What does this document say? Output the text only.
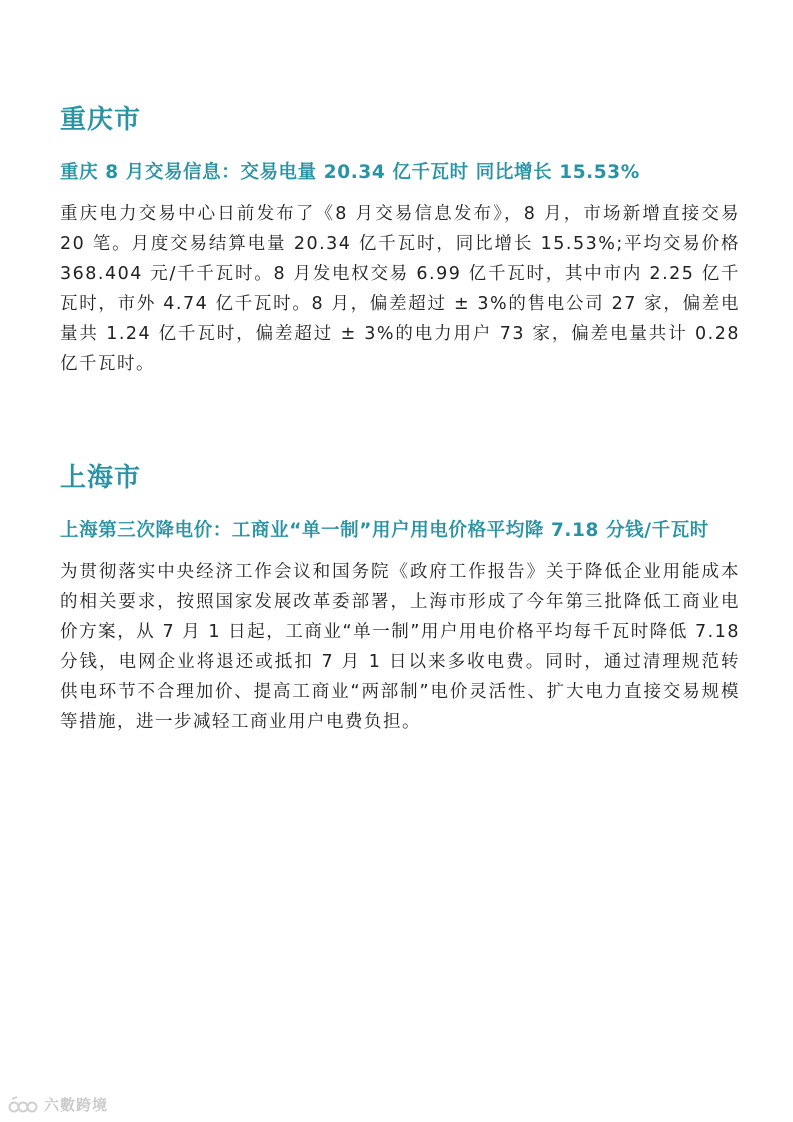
重庆市
重庆 8 月交易信息：交易电量 20.34 亿千瓦时 同比增长 15.53%

重庆电力交易中心日前发布了《8 月交易信息发布》，8 月，市场新增直接交易 20 笔。月度交易结算电量 20.34 亿千瓦时，同比增长 15.53%;平均交易价格 368.404 元/千千瓦时。8 月发电权交易 6.99 亿千瓦时，其中市内 2.25 亿千瓦时，市外 4.74 亿千瓦时。8 月，偏差超过 ± 3%的售电公司 27 家，偏差电量共 1.24 亿千瓦时，偏差超过 ± 3%的电力用户 73 家，偏差电量共计 0.28 亿千瓦时。

上海市
上海第三次降电价：工商业“单一制”用户用电价格平均降 7.18 分钱/千瓦时

为贯彻落实中央经济工作会议和国务院《政府工作报告》关于降低企业用能成本的相关要求，按照国家发展改革委部署，上海市形成了今年第三批降低工商业电价方案，从 7 月 1 日起，工商业“单一制”用户用电价格平均每千瓦时降低 7.18 分钱，电网企业将退还或抵扣 7 月 1 日以来多收电费。同时，通过清理规范转供电环节不合理加价、提高工商业“两部制”电价灵活性、扩大电力直接交易规模等措施，进一步减轻工商业用户电费负担。

六數跨境
